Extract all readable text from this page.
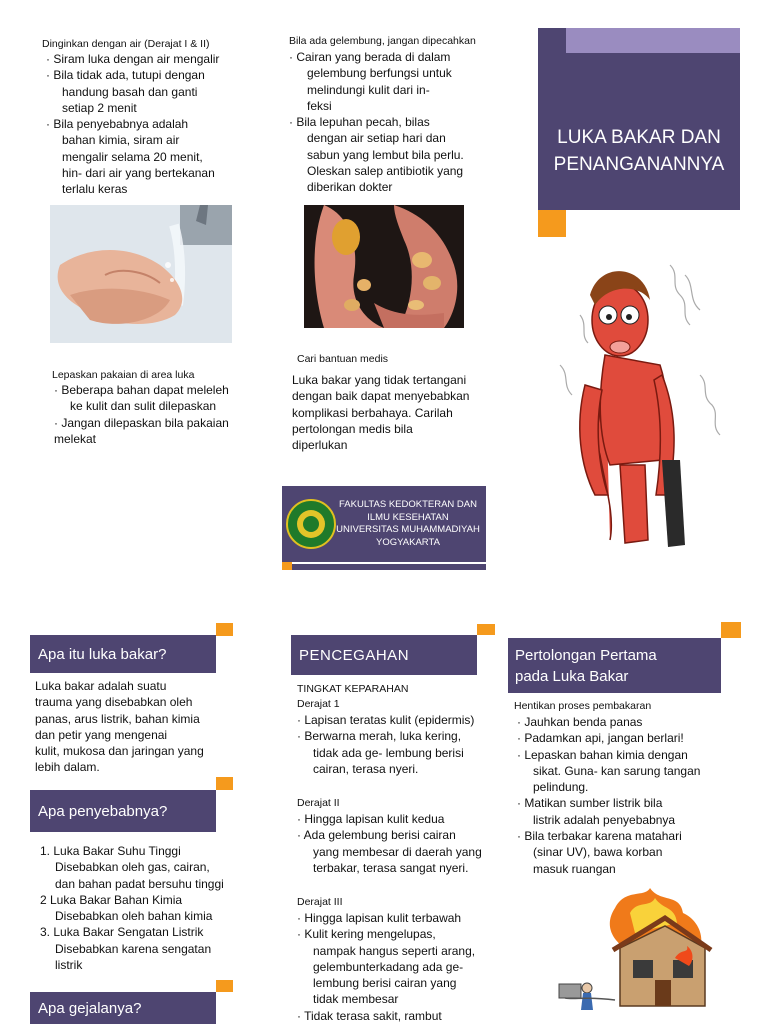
Dinginkan dengan air (Derajat I & II)
· Siram luka dengan air mengalir
· Bila tidak ada, tutupi dengan
handung basah dan ganti
setiap 2 menit
· Bila penyebabnya adalah
bahan kimia, siram air
mengalir selama 20 menit,
hin- dari air yang bertekanan
terlalu keras
Lepaskan pakaian di area luka
· Beberapa bahan dapat meleleh
ke kulit dan sulit dilepaskan
· Jangan dilepaskan bila pakaian
melekat
Bila ada gelembung, jangan dipecahkan
· Cairan yang berada di dalam
gelembung berfungsi untuk
melindungi kulit dari in-
feksi
· Bila lepuhan pecah, bilas
dengan air setiap hari dan
sabun yang lembut bila perlu.
Oleskan salep antibiotik yang
diberikan dokter
Cari bantuan medis
Luka bakar yang tidak tertangani
dengan baik dapat menyebabkan
komplikasi berbahaya. Carilah
pertolongan medis bila
diperlukan
FAKULTAS KEDOKTERAN DAN
ILMU KESEHATAN
UNIVERSITAS MUHAMMADIYAH
YOGYAKARTA
LUKA BAKAR DAN
PENANGANANNYA
Apa itu luka bakar?
Luka bakar adalah suatu
trauma yang disebabkan oleh
panas, arus listrik, bahan kimia
dan petir yang mengenai
kulit, mukosa dan jaringan yang
lebih dalam.
Apa penyebabnya?
1. Luka Bakar Suhu Tinggi
Disebabkan oleh gas, cairan,
dan bahan padat bersuhu tinggi
2 Luka Bakar Bahan Kimia
Disebabkan oleh bahan kimia
3. Luka Bakar Sengatan Listrik
Disebabkan karena sengatan
listrik
Apa gejalanya?
PENCEGAHAN
TINGKAT KEPARAHAN
Derajat 1
· Lapisan teratas kulit (epidermis)
· Berwarna merah, luka kering,
tidak ada ge- lembung berisi
cairan, terasa nyeri.
Derajat II
· Hingga lapisan kulit kedua
· Ada gelembung berisi cairan
yang membesar di daerah yang
terbakar, terasa sangat nyeri.
Derajat III
· Hingga lapisan kulit terbawah
· Kulit kering mengelupas,
nampak hangus seperti arang,
gelembunterkadang ada ge-
lembung berisi cairan yang
tidak membesar
· Tidak terasa sakit, rambut
Pertolongan Pertama
pada Luka Bakar
Hentikan proses pembakaran
· Jauhkan benda panas
· Padamkan api, jangan berlari!
· Lepaskan bahan kimia dengan
sikat. Guna- kan sarung tangan
pelindung.
· Matikan sumber listrik bila
listrik adalah penyebabnya
· Bila terbakar karena matahari
(sinar UV), bawa korban
masuk ruangan
